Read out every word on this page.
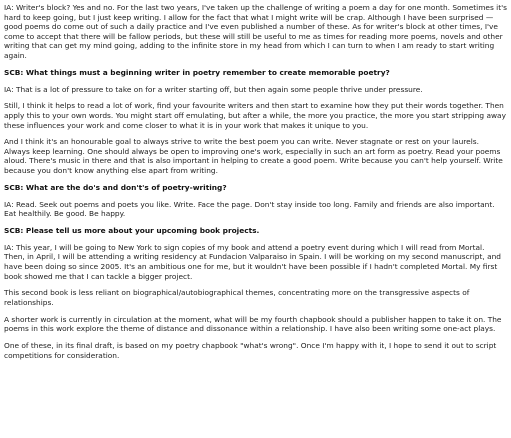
IA: Writer's block? Yes and no. For the last two years, I've taken up the challenge of writing a poem a day for one month. Sometimes it's hard to keep going, but I just keep writing. I allow for the fact that what I might write will be crap. Although I have been surprised — good poems do come out of such a daily practice and I've even published a number of these. As for writer's block at other times, I've come to accept that there will be fallow periods, but these will still be useful to me as times for reading more poems, novels and other writing that can get my mind going, adding to the infinite store in my head from which I can turn to when I am ready to start writing again.

SCB: What things must a beginning writer in poetry remember to create memorable poetry?

IA: That is a lot of pressure to take on for a writer starting off, but then again some people thrive under pressure.

Still, I think it helps to read a lot of work, find your favourite writers and then start to examine how they put their words together. Then apply this to your own words. You might start off emulating, but after a while, the more you practice, the more you start stripping away these influences your work and come closer to what it is in your work that makes it unique to you.

And I think it's an honourable goal to always strive to write the best poem you can write. Never stagnate or rest on your laurels. Always keep learning. One should always be open to improving one's work, especially in such an art form as poetry. Read your poems aloud. There's music in there and that is also important in helping to create a good poem. Write because you can't help yourself. Write because you don't know anything else apart from writing.

SCB: What are the do's and don't's of poetry-writing?

IA: Read. Seek out poems and poets you like. Write. Face the page. Don't stay inside too long. Family and friends are also important. Eat healthily. Be good. Be happy.

SCB: Please tell us more about your upcoming book projects.

IA: This year, I will be going to New York to sign copies of my book and attend a poetry event during which I will read from Mortal. Then, in April, I will be attending a writing residency at Fundacion Valparaiso in Spain. I will be working on my second manuscript, and have been doing so since 2005. It's an ambitious one for me, but it wouldn't have been possible if I hadn't completed Mortal. My first book showed me that I can tackle a bigger project.

This second book is less reliant on biographical/autobiographical themes, concentrating more on the transgressive aspects of relationships.

A shorter work is currently in circulation at the moment, what will be my fourth chapbook should a publisher happen to take it on. The poems in this work explore the theme of distance and dissonance within a relationship. I have also been writing some one-act plays.

One of these, in its final draft, is based on my poetry chapbook "what's wrong". Once I'm happy with it, I hope to send it out to script competitions for consideration.
